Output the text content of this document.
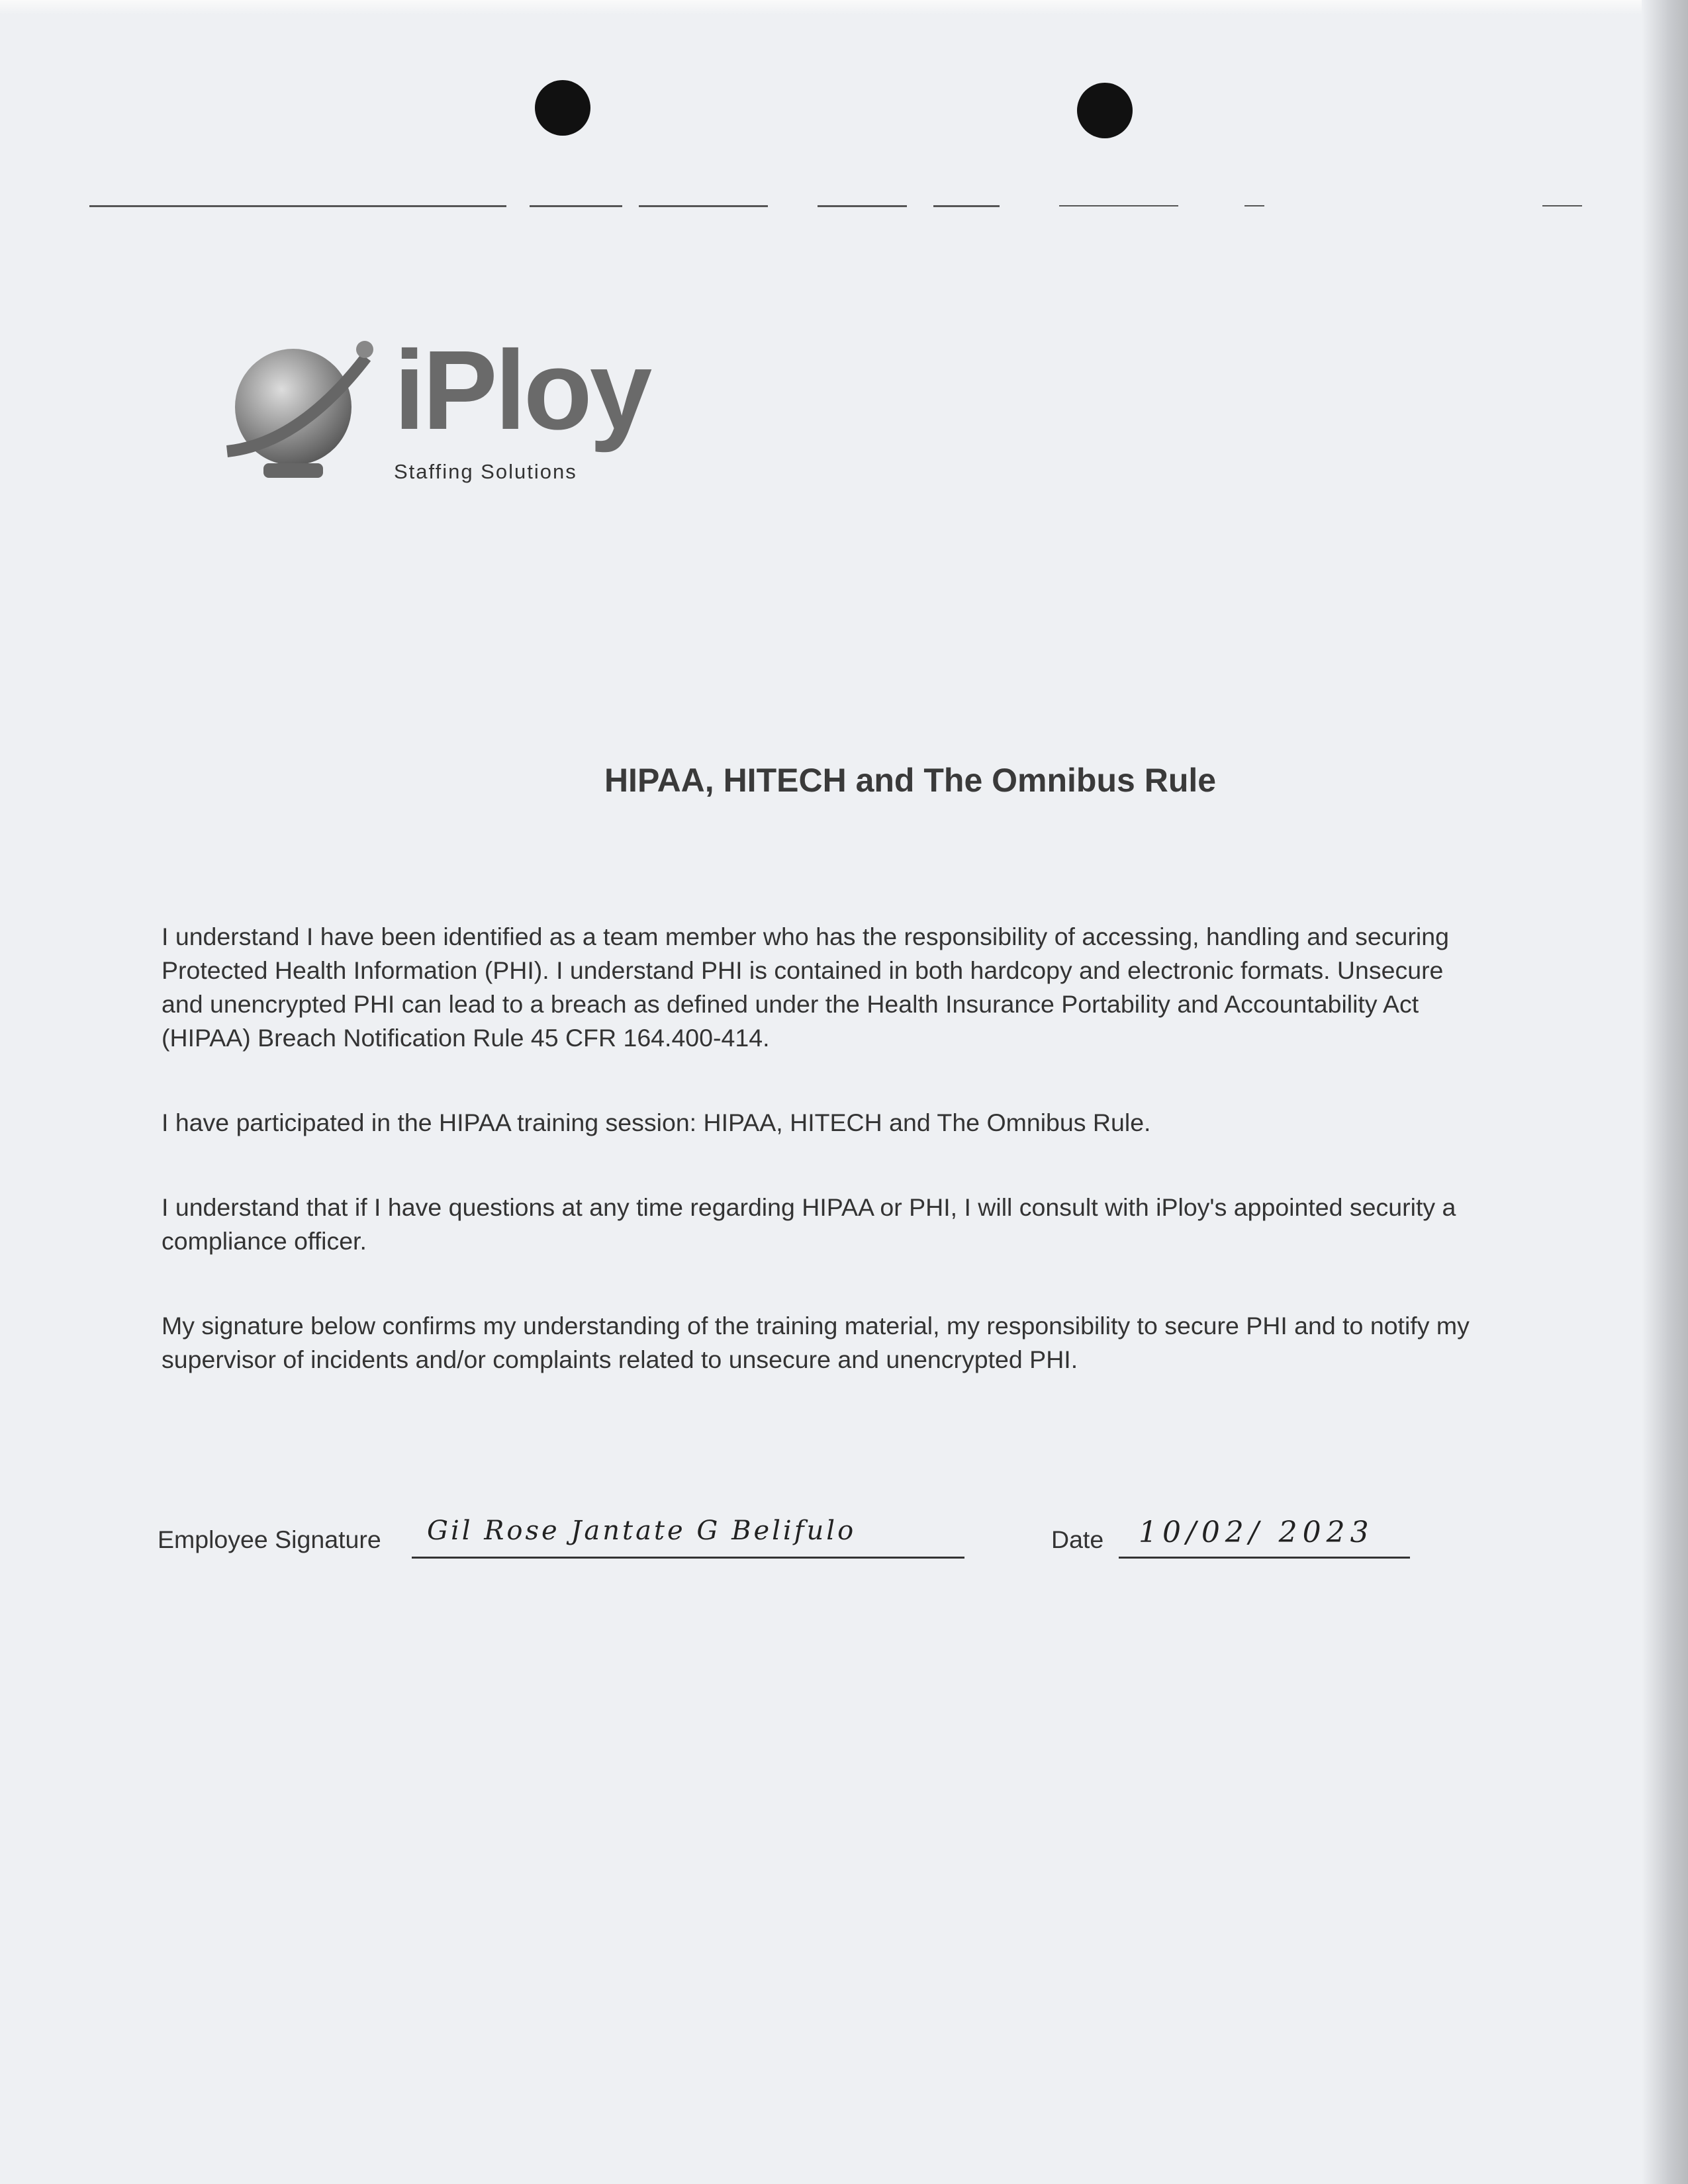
iPloy
Staffing Solutions
HIPAA, HITECH and The Omnibus Rule
I understand I have been identified as a team member who has the responsibility of accessing, handling and securing
Protected Health Information (PHI). I understand PHI is contained in both hardcopy and electronic formats. Unsecure
and unencrypted PHI can lead to a breach as defined under the Health Insurance Portability and Accountability Act
(HIPAA) Breach Notification Rule 45 CFR 164.400-414.
I have participated in the HIPAA training session: HIPAA, HITECH and The Omnibus Rule.
I understand that if I have questions at any time regarding HIPAA or PHI, I will consult with iPloy's appointed security a
compliance officer.
My signature below confirms my understanding of the training material, my responsibility to secure PHI and to notify my
supervisor of incidents and/or complaints related to unsecure and unencrypted PHI.
Employee Signature Gil Rose Jantate G Belifulo	Date 10/02/ 2023
